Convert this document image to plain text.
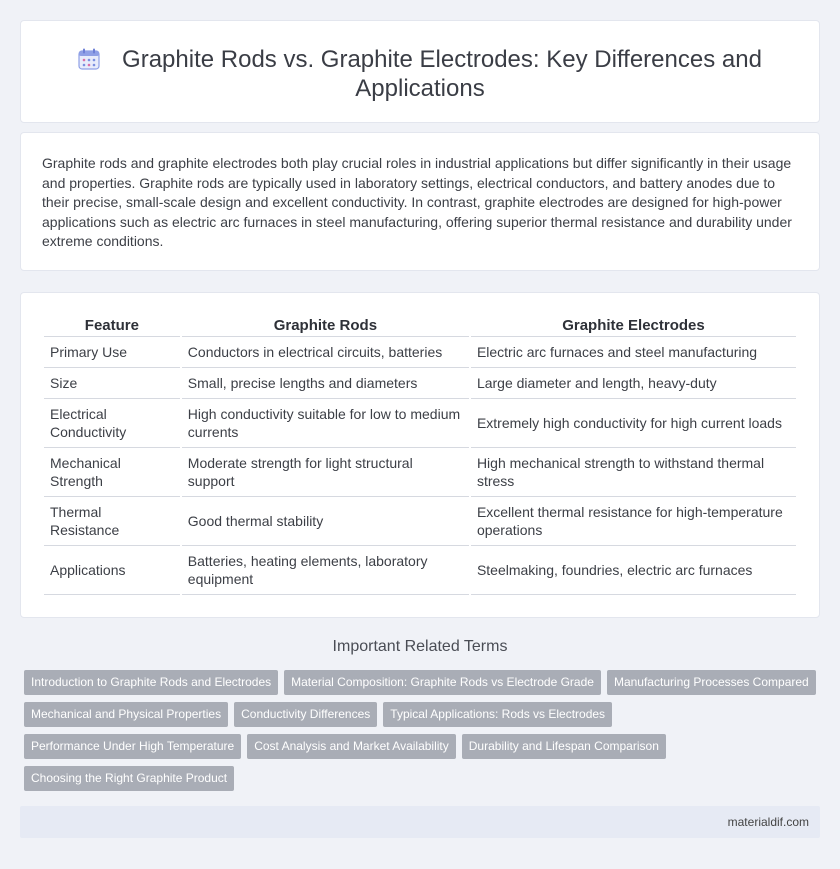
Graphite Rods vs. Graphite Electrodes: Key Differences and Applications

Graphite rods and graphite electrodes both play crucial roles in industrial applications but differ significantly in their usage and properties. Graphite rods are typically used in laboratory settings, electrical conductors, and battery anodes due to their precise, small-scale design and excellent conductivity. In contrast, graphite electrodes are designed for high-power applications such as electric arc furnaces in steel manufacturing, offering superior thermal resistance and durability under extreme conditions.

Feature	Graphite Rods	Graphite Electrodes
Primary Use	Conductors in electrical circuits, batteries	Electric arc furnaces and steel manufacturing
Size	Small, precise lengths and diameters	Large diameter and length, heavy-duty
Electrical Conductivity	High conductivity suitable for low to medium currents	Extremely high conductivity for high current loads
Mechanical Strength	Moderate strength for light structural support	High mechanical strength to withstand thermal stress
Thermal Resistance	Good thermal stability	Excellent thermal resistance for high-temperature operations
Applications	Batteries, heating elements, laboratory equipment	Steelmaking, foundries, electric arc furnaces
Important Related Terms
Introduction to Graphite Rods and Electrodes Material Composition: Graphite Rods vs Electrode Grade Manufacturing Processes Compared
Mechanical and Physical Properties Conductivity Differences Typical Applications: Rods vs Electrodes
Performance Under High Temperature Cost Analysis and Market Availability Durability and Lifespan Comparison
Choosing the Right Graphite Product
materialdif.com
